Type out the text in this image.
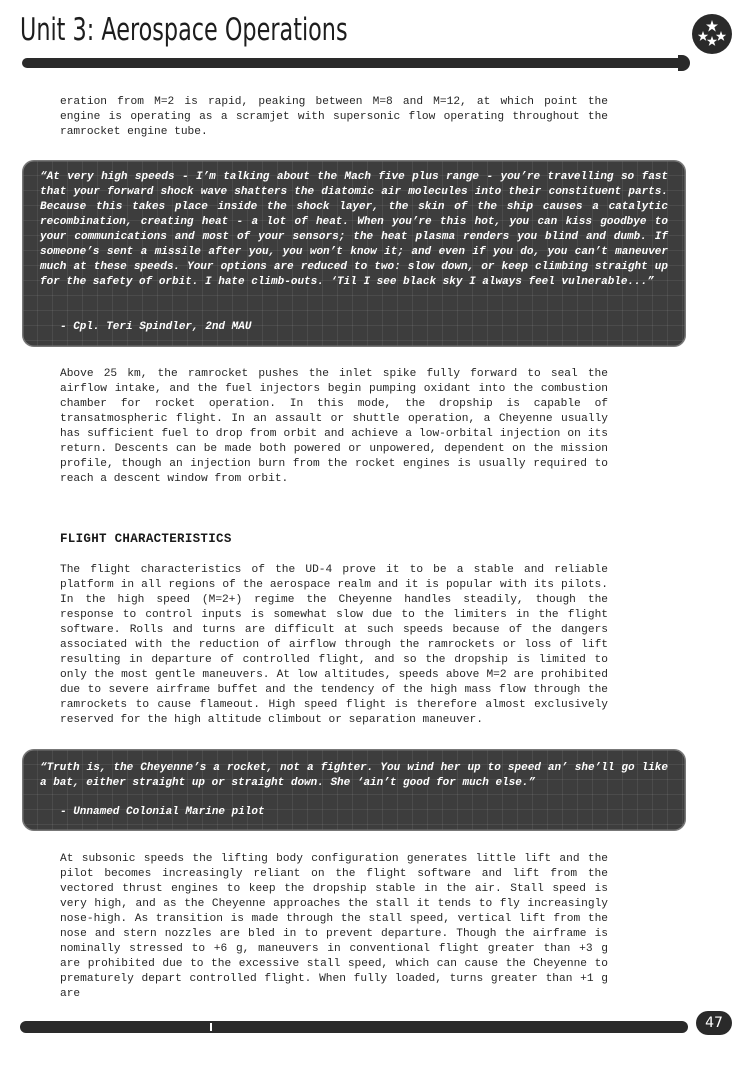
Unit 3: Aerospace Operations

eration from M=2 is rapid, peaking between M=8 and M=12, at which point the engine is operating as a scramjet with supersonic flow operating throughout the ramrocket engine tube.

“At very high speeds - I’m talking about the Mach five plus range - you’re travelling so fast that your forward shock wave shatters the diatomic air molecules into their constituent parts. Because this takes place inside the shock layer, the skin of the ship causes a catalytic recombination, creating heat - a lot of heat. When you’re this hot, you can kiss goodbye to your communications and most of your sensors; the heat plasma renders you blind and dumb. If someone’s sent a missile after you, you won’t know it; and even if you do, you can’t maneuver much at these speeds. Your options are reduced to two: slow down, or keep climbing straight up for the safety of orbit. I hate climb-outs. ‘Til I see black sky I always feel vulnerable...”

- Cpl. Teri Spindler, 2nd MAU

Above 25 km, the ramrocket pushes the inlet spike fully forward to seal the airflow intake, and the fuel injectors begin pumping oxidant into the combustion chamber for rocket operation. In this mode, the dropship is capable of transatmospheric flight. In an assault or shuttle operation, a Cheyenne usually has sufficient fuel to drop from orbit and achieve a low-orbital injection on its return. Descents can be made both powered or unpowered, dependent on the mission profile, though an injection burn from the rocket engines is usually required to reach a descent window from orbit.

FLIGHT CHARACTERISTICS

The flight characteristics of the UD-4 prove it to be a stable and reliable platform in all regions of the aerospace realm and it is popular with its pilots. In the high speed (M=2+) regime the Cheyenne handles steadily, though the response to control inputs is somewhat slow due to the limiters in the flight software. Rolls and turns are difficult at such speeds because of the dangers associated with the reduction of airflow through the ramrockets or loss of lift resulting in departure of controlled flight, and so the dropship is limited to only the most gentle maneuvers. At low altitudes, speeds above M=2 are prohibited due to severe airframe buffet and the tendency of the high mass flow through the ramrockets to cause flameout. High speed flight is therefore almost exclusively reserved for the high altitude climbout or separation maneuver.

“Truth is, the Cheyenne’s a rocket, not a fighter. You wind her up to speed an’ she’ll go like a bat, either straight up or straight down. She ‘ain’t good for much else.”

- Unnamed Colonial Marine pilot

At subsonic speeds the lifting body configuration generates little lift and the pilot becomes increasingly reliant on the flight software and lift from the vectored thrust engines to keep the dropship stable in the air. Stall speed is very high, and as the Cheyenne approaches the stall it tends to fly increasingly nose-high. As transition is made through the stall speed, vertical lift from the nose and stern nozzles are bled in to prevent departure. Though the airframe is nominally stressed to +6 g, maneuvers in conventional flight greater than +3 g are prohibited due to the excessive stall speed, which can cause the Cheyenne to prematurely depart controlled flight. When fully loaded, turns greater than +1 g are

47
